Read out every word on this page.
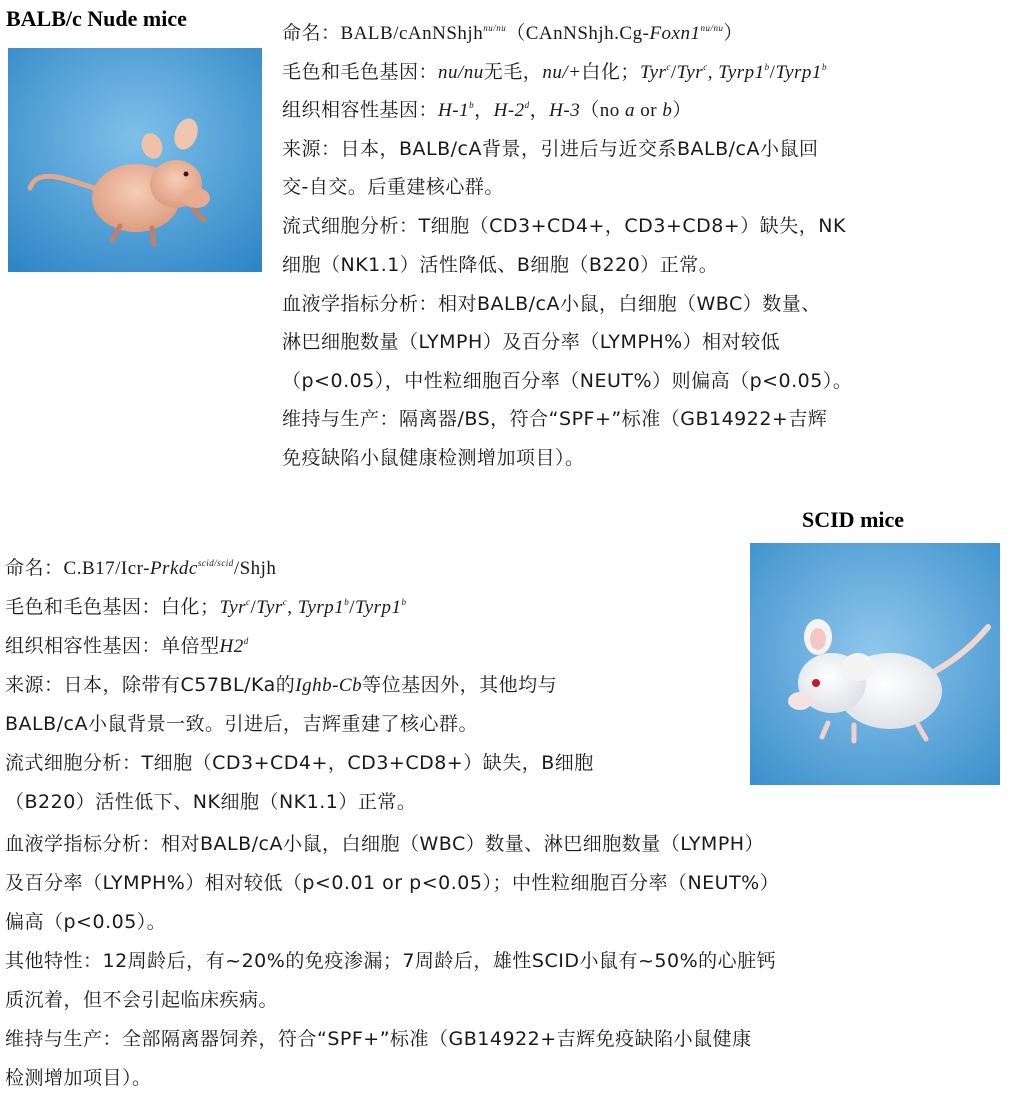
BALB/c Nude mice
命名：BALB/$cAnNShjh^{nu/nu}(CAnNShjh.Cg-Foxn1^{nu/nu})$
毛色和毛色基因：nu/nu无毛，nu/+白化；Tyr$^c$/Tyr$^c$, Tyrp1$^b$/Tyrp1$^b$
组织相容性基因：H-1$^b$，H-2$^d$，H-3（no a or b）
来源：日本，BALB/cA背景，引进后与近交系BALB/cA小鼠回
交-自交。后重建核心群。
流式细胞分析：T细胞（CD3+CD4+，CD3+CD8+）缺失，NK
细胞（NK1.1）活性降低、B细胞（B220）正常。
血液学指标分析：相对BALB/cA小鼠，白细胞（WBC）数量、
淋巴细胞数量（LYMPH）及百分率（LYMPH%）相对较低
（p<0.05），中性粒细胞百分率（NEUT%）则偏高（p<0.05）。
维持与生产：隔离器/BS，符合“SPF+”标准（GB14922+吉辉
免疫缺陷小鼠健康检测增加项目）。
SCID mice
命名：C.B17/Icr-Prkdc$^{scid/scid}$/Shjh
毛色和毛色基因：白化；Tyr$^c$/Tyr$^c$, Tyrp1$^b$/Tyrp1$^b$
组织相容性基因：单倍型H2$^d$
来源：日本，除带有C57BL/Ka的Ighb-Cb等位基因外，其他均与
BALB/cA小鼠背景一致。引进后，吉辉重建了核心群。
流式细胞分析：T细胞（CD3+CD4+，CD3+CD8+）缺失，B细胞
（B220）活性低下、NK细胞（NK1.1）正常。
血液学指标分析：相对BALB/cA小鼠，白细胞（WBC）数量、淋巴细胞数量（LYMPH）
及百分率（LYMPH%）相对较低（p<0.01 or p<0.05）；中性粒细胞百分率（NEUT%）
偏高（p<0.05）。
其他特性：12周龄后，有~20%的免疫渗漏；7周龄后，雄性SCID小鼠有~50%的心脏钙
质沉着，但不会引起临床疾病。
维持与生产：全部隔离器饲养，符合“SPF+”标准（GB14922+吉辉免疫缺陷小鼠健康
检测增加项目）。
